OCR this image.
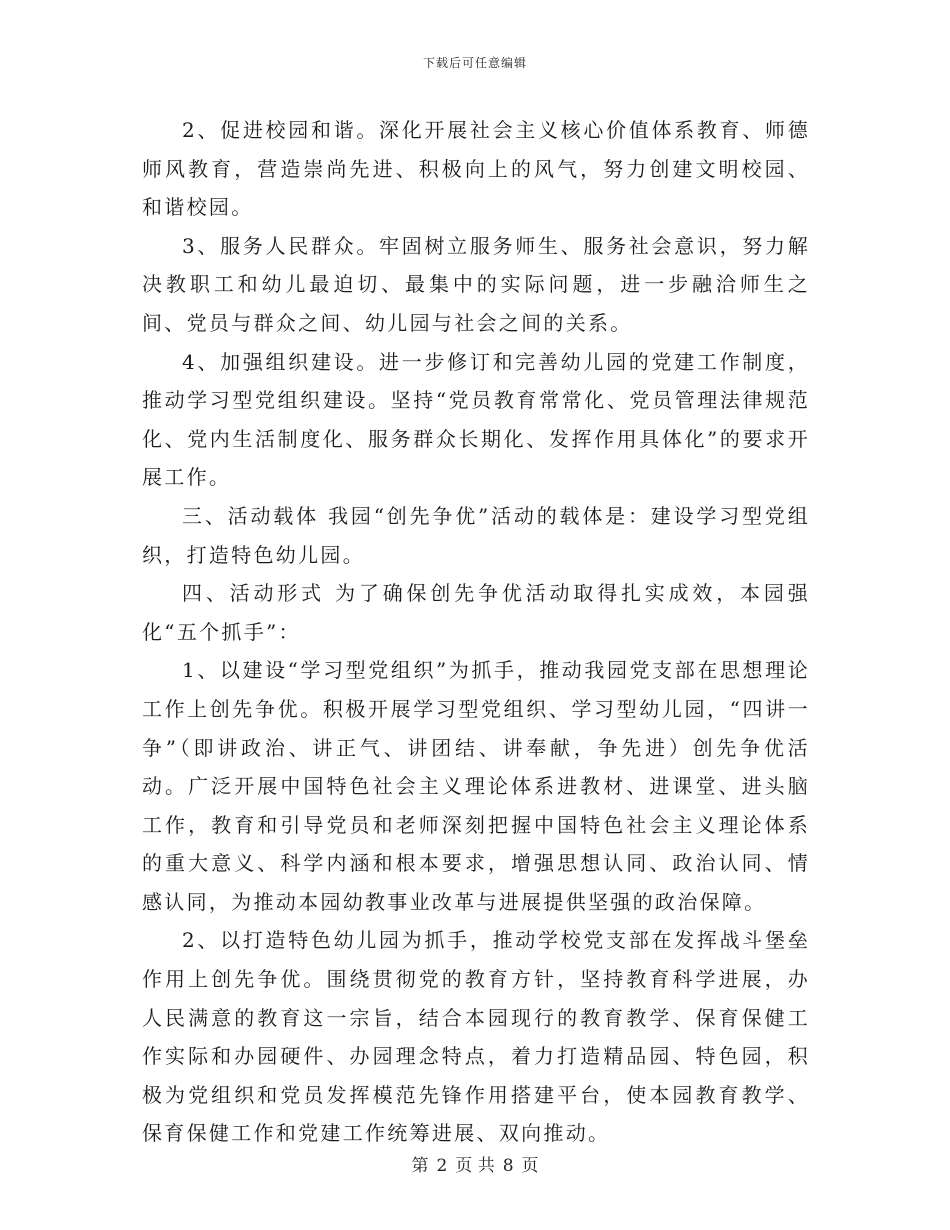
下载后可任意编辑

2、促进校园和谐。深化开展社会主义核心价值体系教育、师德师风教育，营造崇尚先进、积极向上的风气，努力创建文明校园、和谐校园。

3、服务人民群众。牢固树立服务师生、服务社会意识，努力解决教职工和幼儿最迫切、最集中的实际问题，进一步融洽师生之间、党员与群众之间、幼儿园与社会之间的关系。

4、加强组织建设。进一步修订和完善幼儿园的党建工作制度，推动学习型党组织建设。坚持“党员教育常常化、党员管理法律规范化、党内生活制度化、服务群众长期化、发挥作用具体化”的要求开展工作。

三、活动载体 我园“创先争优”活动的载体是：建设学习型党组织，打造特色幼儿园。

四、活动形式 为了确保创先争优活动取得扎实成效，本园强化“五个抓手”：

1、以建设“学习型党组织”为抓手，推动我园党支部在思想理论工作上创先争优。积极开展学习型党组织、学习型幼儿园，“四讲一争”（即讲政治、讲正气、讲团结、讲奉献，争先进）创先争优活动。广泛开展中国特色社会主义理论体系进教材、进课堂、进头脑工作，教育和引导党员和老师深刻把握中国特色社会主义理论体系的重大意义、科学内涵和根本要求，增强思想认同、政治认同、情感认同，为推动本园幼教事业改革与进展提供坚强的政治保障。

2、以打造特色幼儿园为抓手，推动学校党支部在发挥战斗堡垒作用上创先争优。围绕贯彻党的教育方针，坚持教育科学进展，办人民满意的教育这一宗旨，结合本园现行的教育教学、保育保健工作实际和办园硬件、办园理念特点，着力打造精品园、特色园，积极为党组织和党员发挥模范先锋作用搭建平台，使本园教育教学、保育保健工作和党建工作统筹进展、双向推动。

第 2 页 共 8 页
